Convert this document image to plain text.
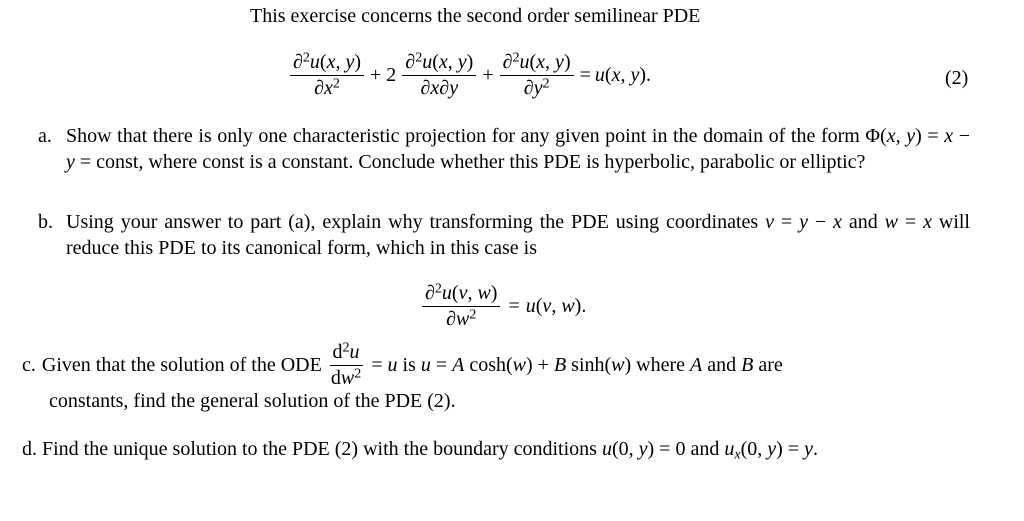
This exercise concerns the second order semilinear PDE
$\frac{\partial^2u(x, y)}{\partial x^2} + 2 \frac{\partial^2u(x, y)}{\partial x\partial y} + \frac{\partial^2u(x, y)}{\partial y^2} = u(x$, y).	(2)
a. Show that there is only one characteristic projection for any given point in the domain of the form Φ(x, y) = x − y = const, where const is a constant. Conclude whether this PDE is hyperbolic, parabolic or elliptic?
b. Using your answer to part (a), explain why transforming the PDE using coordinates v = y − x and w = x will reduce this PDE to its canonical form, which in this case is
$\frac{\partial^2u(v, w)}{\partial w^2} = u(v$, w).
c. Given that the solution of the ODE $\frac{d^2u}{dw^2} = u$ is u = A cosh(w) + B sinh(w) where A and B are
constants, find the general solution of the PDE (2).
d. Find the unique solution to the PDE (2) with the boundary conditions u(0, y) = 0 and $u_x(0$, y) = y.
